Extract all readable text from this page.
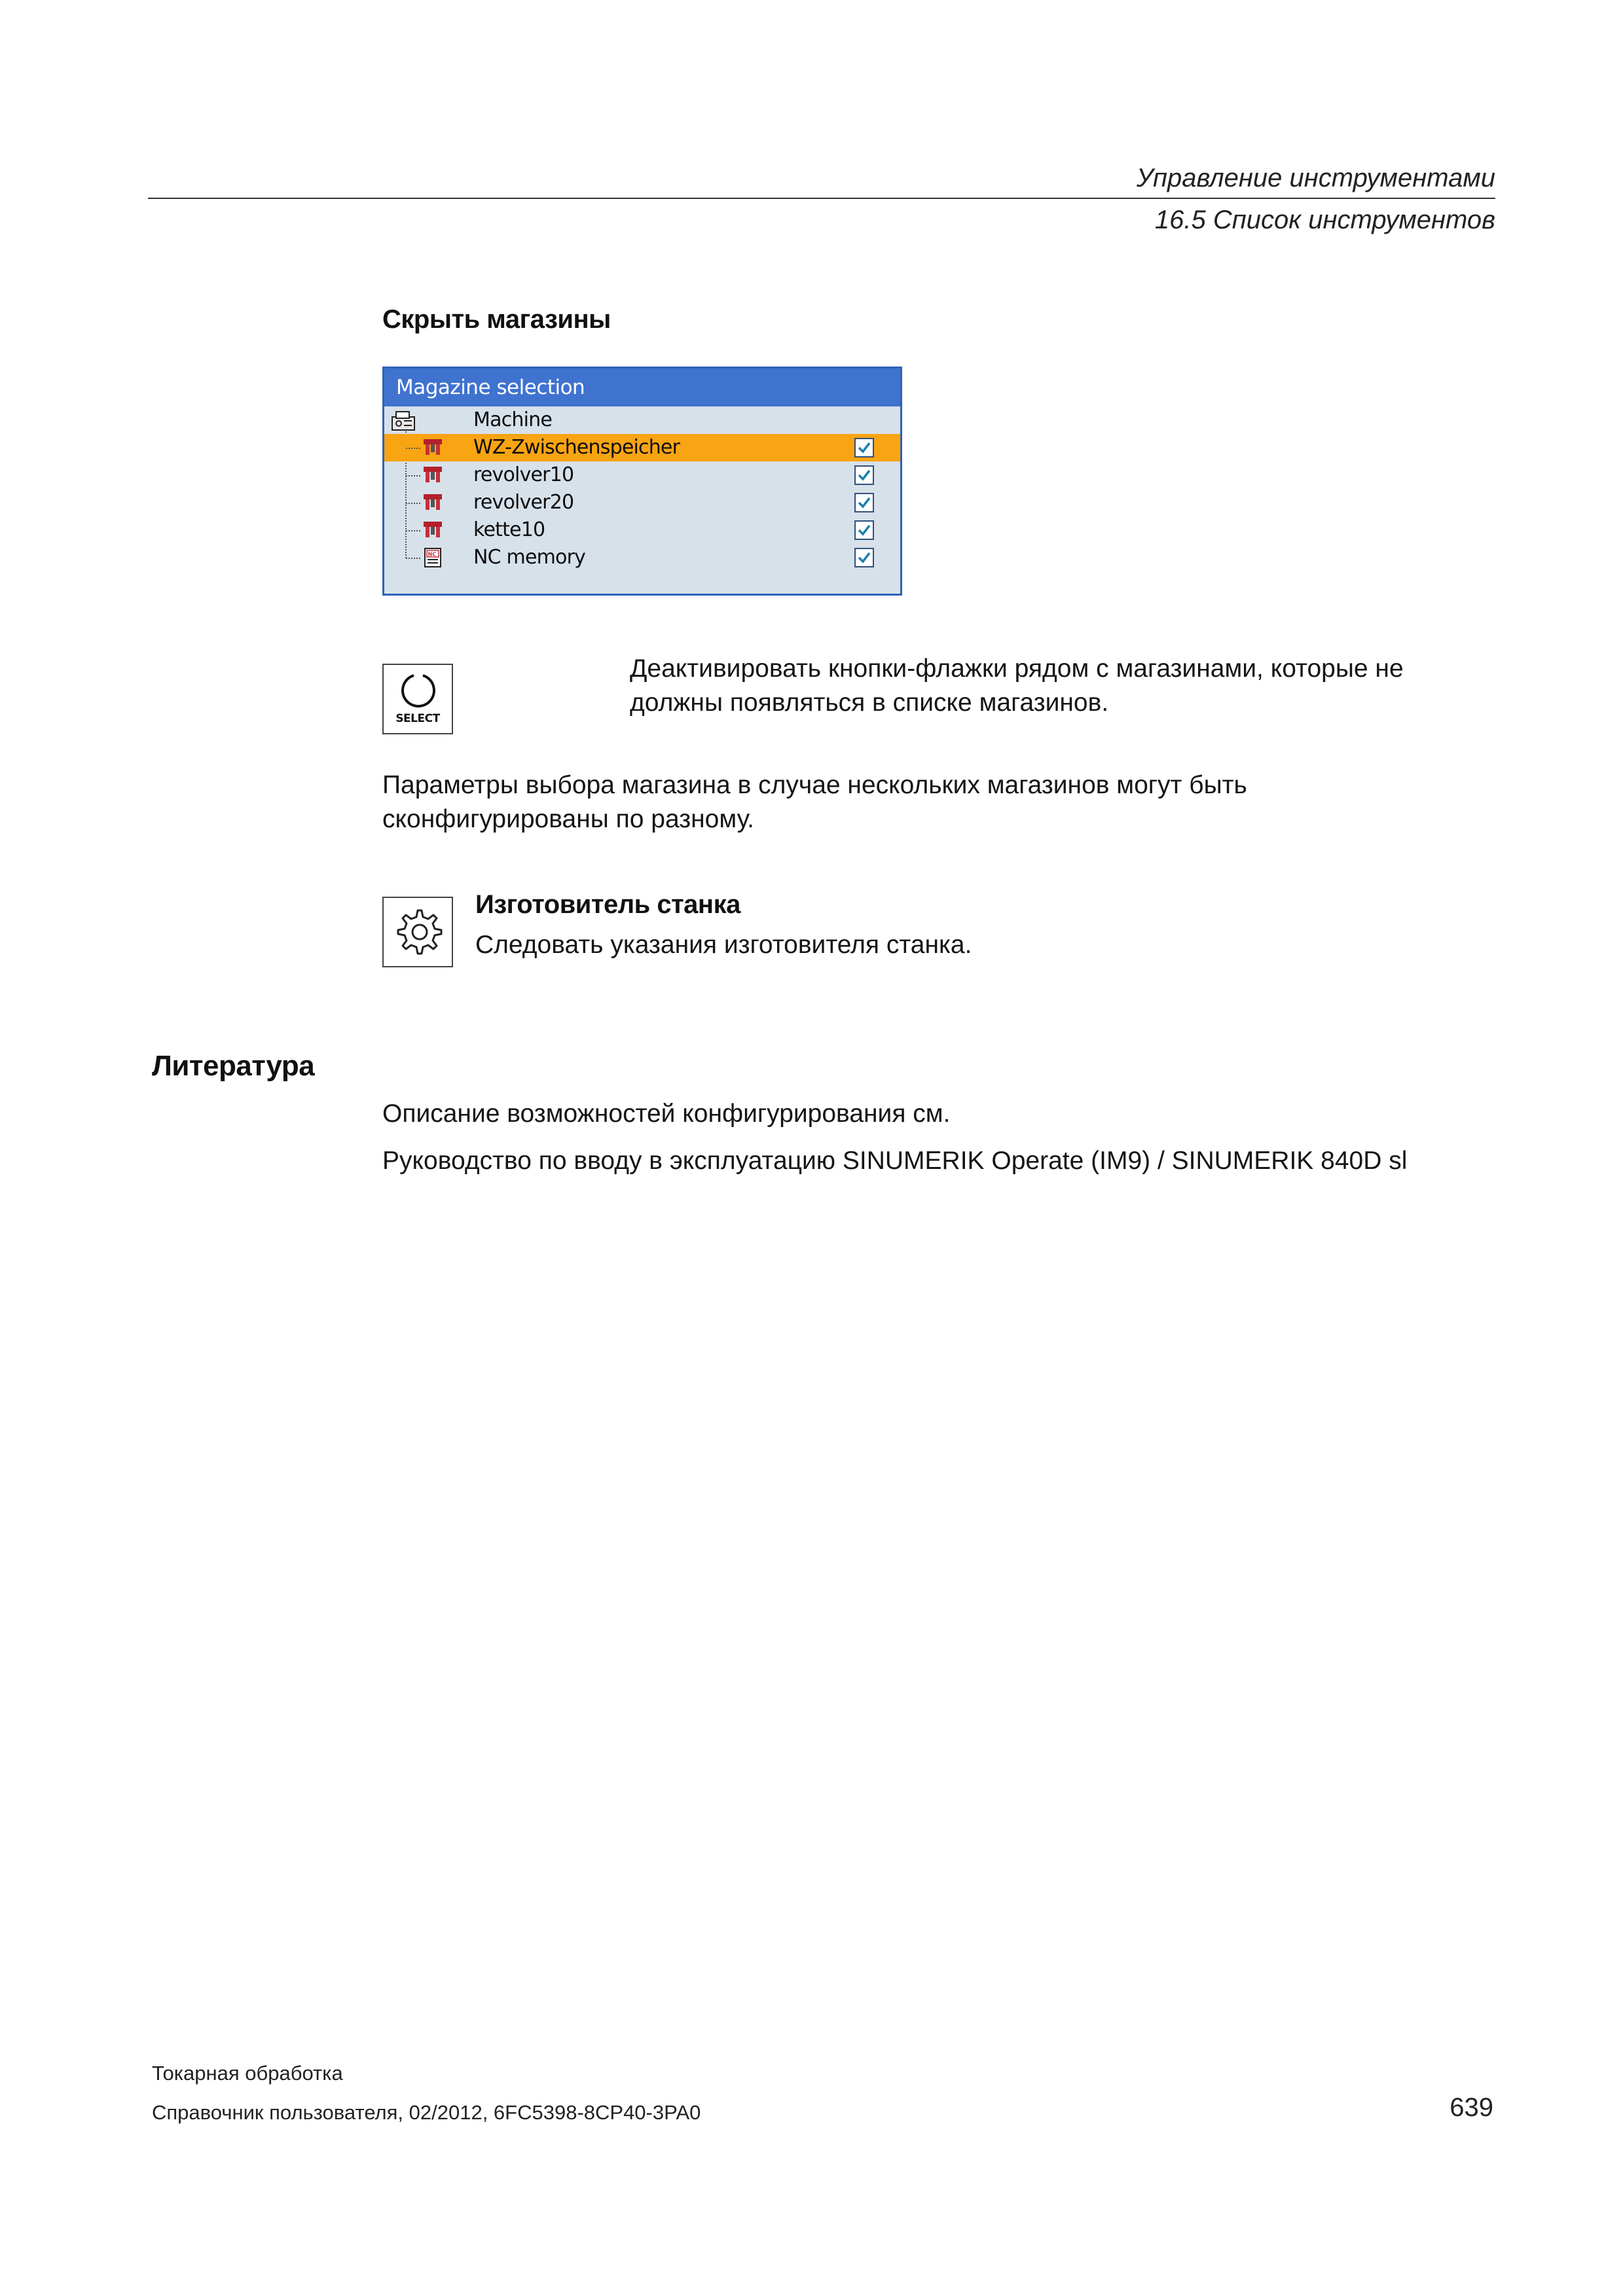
Управление инструментами
16.5 Список инструментов
Скрыть магазины
Magazine selection
Machine
WZ-Zwischenspeicher
revolver10
revolver20
kette10
NC NC memory
SELECT
Деактивировать кнопки-флажки рядом с магазинами, которые не должны появляться в списке магазинов.
Параметры выбора магазина в случае нескольких магазинов могут быть сконфигурированы по разному.
Изготовитель станка
Следовать указания изготовителя станка.
Литература
Описание возможностей конфигурирования см.
Руководство по вводу в эксплуатацию SINUMERIK Operate (IM9) / SINUMERIK 840D sl
Токарная обработка
Справочник пользователя, 02/2012, 6FC5398-8CP40-3PA0	639
